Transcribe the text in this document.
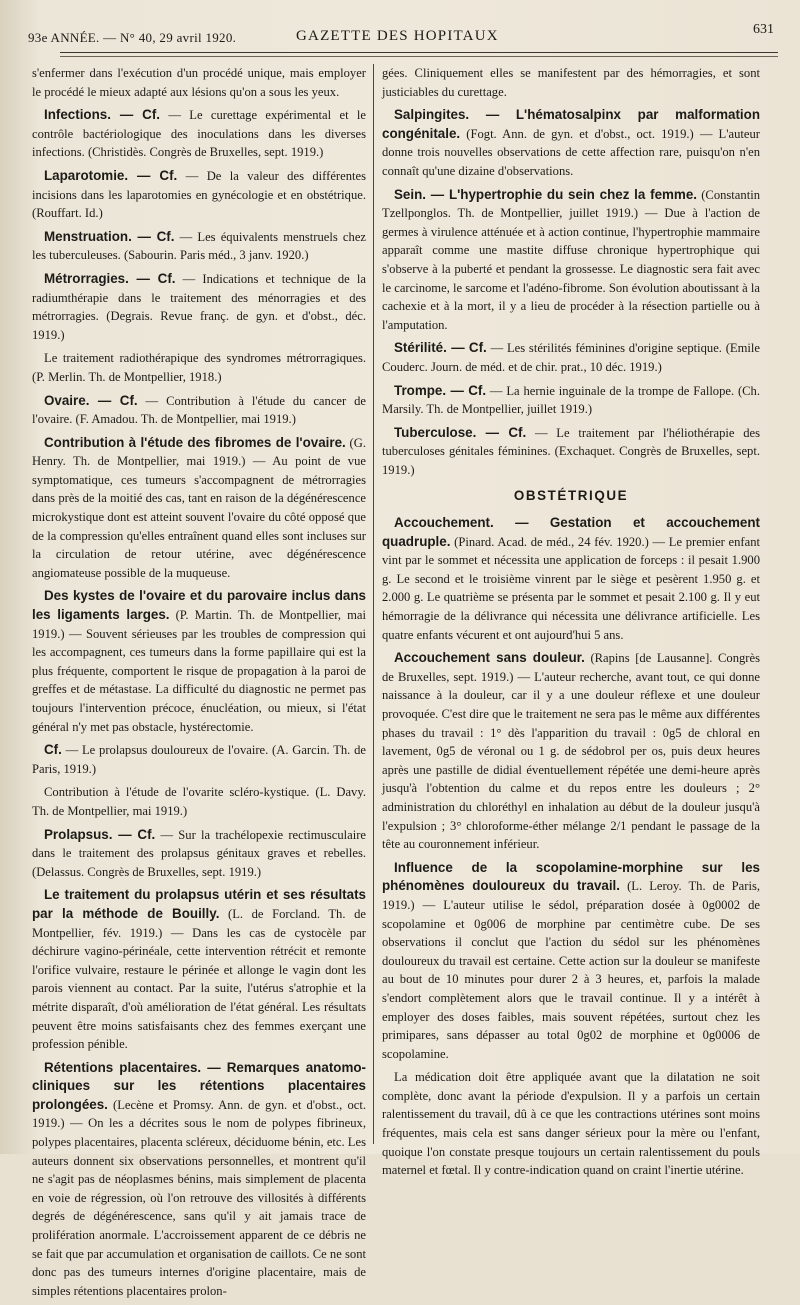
93e ANNÉE. — N° 40, 29 avril 1920.	GAZETTE DES HOPITAUX	631

s'enfermer dans l'exécution d'un procédé unique, mais employer le procédé le mieux adapté aux lésions qu'on a sous les yeux.

Infections. — Cf. — Le curettage expérimental et le contrôle bactériologique des inoculations dans les diverses infections. (Christidès. Congrès de Bruxelles, sept. 1919.)

Laparotomie. — Cf. — De la valeur des différentes incisions dans les laparotomies en gynécologie et en obstétrique. (Rouffart. Id.)

Menstruation. — Cf. — Les équivalents menstruels chez les tuberculeuses. (Sabourin. Paris méd., 3 janv. 1920.)

Métrorragies. — Cf. — Indications et technique de la radiumthérapie dans le traitement des ménorragies et des métrorragies. (Degrais. Revue franç. de gyn. et d'obst., déc. 1919.)

Le traitement radiothérapique des syndromes métrorragiques. (P. Merlin. Th. de Montpellier, 1918.)

Ovaire. — Cf. — Contribution à l'étude du cancer de l'ovaire. (F. Amadou. Th. de Montpellier, mai 1919.)

Contribution à l'étude des fibromes de l'ovaire. (G. Henry. Th. de Montpellier, mai 1919.) — Au point de vue symptomatique, ces tumeurs s'accompagnent de métrorragies dans près de la moitié des cas, tant en raison de la dégénérescence microkystique dont est atteint souvent l'ovaire du côté opposé que de la compression qu'elles entraînent quand elles sont incluses sur la circulation de retour utérine, avec dégénérescence angiomateuse possible de la muqueuse.

Des kystes de l'ovaire et du parovaire inclus dans les ligaments larges. (P. Martin. Th. de Montpellier, mai 1919.) — Souvent sérieuses par les troubles de compression qui les accompagnent, ces tumeurs dans la forme papillaire qui est la plus fréquente, comportent le risque de propagation à la paroi de greffes et de métastase. La difficulté du diagnostic ne permet pas toujours l'intervention précoce, énucléation, ou mieux, si l'état général n'y met pas obstacle, hystérectomie.

Cf. — Le prolapsus douloureux de l'ovaire. (A. Garcin. Th. de Paris, 1919.)

Contribution à l'étude de l'ovarite scléro-kystique. (L. Davy. Th. de Montpellier, mai 1919.)

Prolapsus. — Cf. — Sur la trachélopexie rectimusculaire dans le traitement des prolapsus génitaux graves et rebelles. (Delassus. Congrès de Bruxelles, sept. 1919.)

Le traitement du prolapsus utérin et ses résultats par la méthode de Bouilly. (L. de Forcland. Th. de Montpellier, fév. 1919.) — Dans les cas de cystocèle par déchirure vagino-périnéale, cette intervention rétrécit et remonte l'orifice vulvaire, restaure le périnée et allonge le vagin dont les parois viennent au contact. Par la suite, l'utérus s'atrophie et la métrite disparaît, d'où amélioration de l'état général. Les résultats peuvent être moins satisfaisants chez des femmes exerçant une profession pénible.

Rétentions placentaires. — Remarques anatomo-cliniques sur les rétentions placentaires prolongées. (Lecène et Promsy. Ann. de gyn. et d'obst., oct. 1919.) — On les a décrites sous le nom de polypes fibrineux, polypes placentaires, placenta scléreux, déciduome bénin, etc. Les auteurs donnent six observations personnelles, et montrent qu'il ne s'agit pas de néoplasmes bénins, mais simplement de placenta en voie de régression, où l'on retrouve des villosités à différents degrés de dégénérescence, sans qu'il y ait jamais trace de prolifération anormale. L'accroissement apparent de ce débris ne se fait que par accumulation et organisation de caillots. Ce ne sont donc pas des tumeurs internes d'origine placentaire, mais de simples rétentions placentaires prolon-

gées. Cliniquement elles se manifestent par des hémorragies, et sont justiciables du curettage.

Salpingites. — L'hématosalpinx par malformation congénitale. (Fogt. Ann. de gyn. et d'obst., oct. 1919.) — L'auteur donne trois nouvelles observations de cette affection rare, puisqu'on n'en connaît qu'une dizaine d'observations.

Sein. — L'hypertrophie du sein chez la femme. (Constantin Tzellponglos. Th. de Montpellier, juillet 1919.) — Due à l'action de germes à virulence atténuée et à action continue, l'hypertrophie mammaire apparaît comme une mastite diffuse chronique hypertrophique qui s'observe à la puberté et pendant la grossesse. Le diagnostic sera fait avec le carcinome, le sarcome et l'adéno-fibrome. Son évolution aboutissant à la cachexie et à la mort, il y a lieu de procéder à la résection partielle ou à l'amputation.

Stérilité. — Cf. — Les stérilités féminines d'origine septique. (Emile Couderc. Journ. de méd. et de chir. prat., 10 déc. 1919.)

Trompe. — Cf. — La hernie inguinale de la trompe de Fallope. (Ch. Marsily. Th. de Montpellier, juillet 1919.)

Tuberculose. — Cf. — Le traitement par l'héliothérapie des tuberculoses génitales féminines. (Exchaquet. Congrès de Bruxelles, sept. 1919.)

OBSTÉTRIQUE

Accouchement. — Gestation et accouchement quadruple. (Pinard. Acad. de méd., 24 fév. 1920.) — Le premier enfant vint par le sommet et nécessita une application de forceps : il pesait 1.900 g. Le second et le troisième vinrent par le siège et pesèrent 1.950 g. et 2.000 g. Le quatrième se présenta par le sommet et pesait 2.100 g. Il y eut hémorragie de la délivrance qui nécessita une délivrance artificielle. Les quatre enfants vécurent et ont aujourd'hui 5 ans.

Accouchement sans douleur. (Rapins [de Lausanne]. Congrès de Bruxelles, sept. 1919.) — L'auteur recherche, avant tout, ce qui donne naissance à la douleur, car il y a une douleur réflexe et une douleur provoquée. C'est dire que le traitement ne sera pas le même aux différentes phases du travail : 1° dès l'apparition du travail : 0g5 de chloral en lavement, 0g5 de véronal ou 1 g. de sédobrol per os, puis deux heures après une pastille de didial éventuellement répétée une demi-heure après jusqu'à l'obtention du calme et du repos entre les douleurs ; 2° administration du chloréthyl en inhalation au début de la douleur jusqu'à l'expulsion ; 3° chloroforme-éther mélange 2/1 pendant le passage de la tête au couronnement inférieur.

Influence de la scopolamine-morphine sur les phénomènes douloureux du travail. (L. Leroy. Th. de Paris, 1919.) — L'auteur utilise le sédol, préparation dosée à 0g0002 de scopolamine et 0g006 de morphine par centimètre cube. De ses observations il conclut que l'action du sédol sur les phénomènes douloureux du travail est certaine. Cette action sur la douleur se manifeste au bout de 10 minutes pour durer 2 à 3 heures, et, parfois la malade s'endort complètement alors que le travail continue. Il y a intérêt à employer des doses faibles, mais souvent répétées, surtout chez les primipares, sans dépasser au total 0g02 de morphine et 0g0006 de scopolamine.

La médication doit être appliquée avant que la dilatation ne soit complète, donc avant la période d'expulsion. Il y a parfois un certain ralentissement du travail, dû à ce que les contractions utérines sont moins fréquentes, mais cela est sans danger sérieux pour la mère ou l'enfant, quoique l'on constate presque toujours un certain ralentissement du pouls maternel et fœtal. Il y contre-indication quand on craint l'inertie utérine.
